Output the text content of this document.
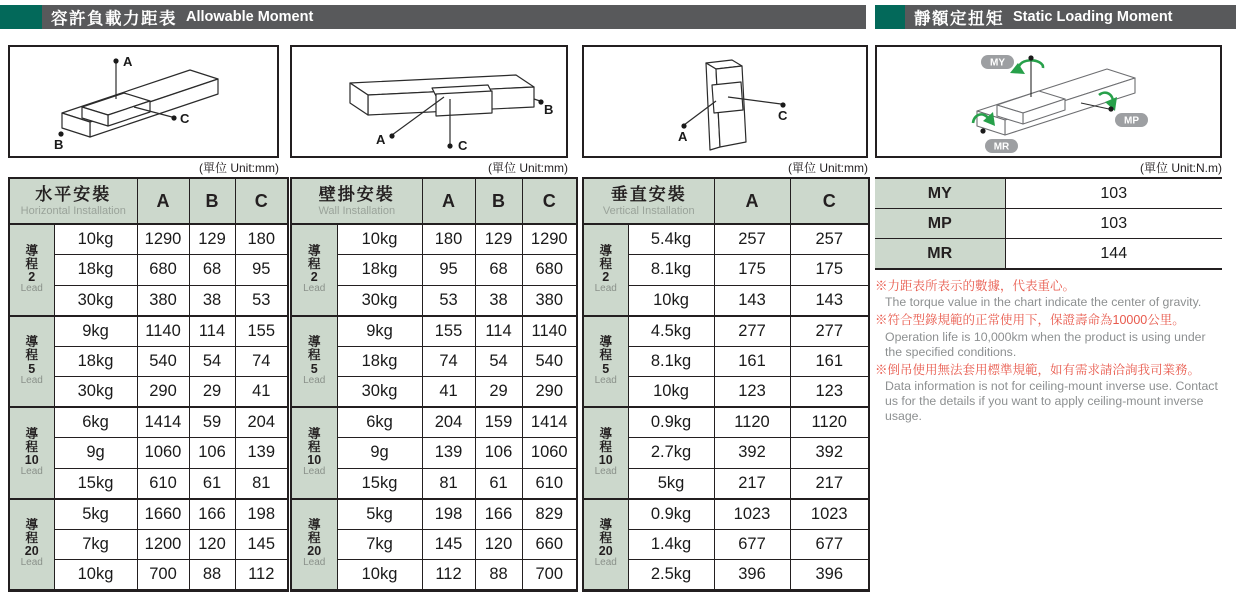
容許負載力距表 Allowable Moment	靜額定扭矩 Static Loading Moment
A
B
C
(單位 Unit:mm)
A
B
C
(單位 Unit:mm)
A
C
(單位 Unit:mm)
MY
MP
MR
(單位 Unit:N.m)
水平安裝
Horizontal Installation		A	B	C

導
程
2
Lead	10kg	1290	129	180
	18kg	680	68	95
	30kg	380	38	53

導
程
5
Lead	9kg	1140	114	155
	18kg	540	54	74
	30kg	290	29	41

導
程
10
Lead	6kg	1414	59	204
	9g	1060	106	139
	15kg	610	61	81

導
程
20
Lead	5kg	1660	166	198
	7kg	1200	120	145
	10kg	700	88	112
壁掛安裝
Wall Installation		A	B	C

導
程
2
Lead	10kg	180	129	1290
	18kg	95	68	680
	30kg	53	38	380

導
程
5
Lead	9kg	155	114	1140
	18kg	74	54	540
	30kg	41	29	290

導
程
10
Lead	6kg	204	159	1414
	9g	139	106	1060
	15kg	81	61	610

導
程
20
Lead	5kg	198	166	829
	7kg	145	120	660
	10kg	112	88	700
垂直安裝
Vertical Installation		A	C

導
程
2
Lead	5.4kg	257	257
	8.1kg	175	175
	10kg	143	143

導
程
5
Lead	4.5kg	277	277
	8.1kg	161	161
	10kg	123	123

導
程
10
Lead	0.9kg	1120	1120
	2.7kg	392	392
	5kg	217	217

導
程
20
Lead	0.9kg	1023	1023
	1.4kg	677	677
	2.5kg	396	396
MY	103
MP	103
MR	144
※力距表所表示的數據，代表重心。
The torque value in the chart indicate the center of gravity.
※符合型錄規範的正常使用下，保證壽命為10000公里。
Operation life is 10,000km when the product is using under the specified conditions.
※倒吊使用無法套用標準規範，如有需求請洽詢我司業務。
Data information is not for ceiling-mount inverse use. Contact us for the details if you want to apply ceiling-mount inverse usage.
